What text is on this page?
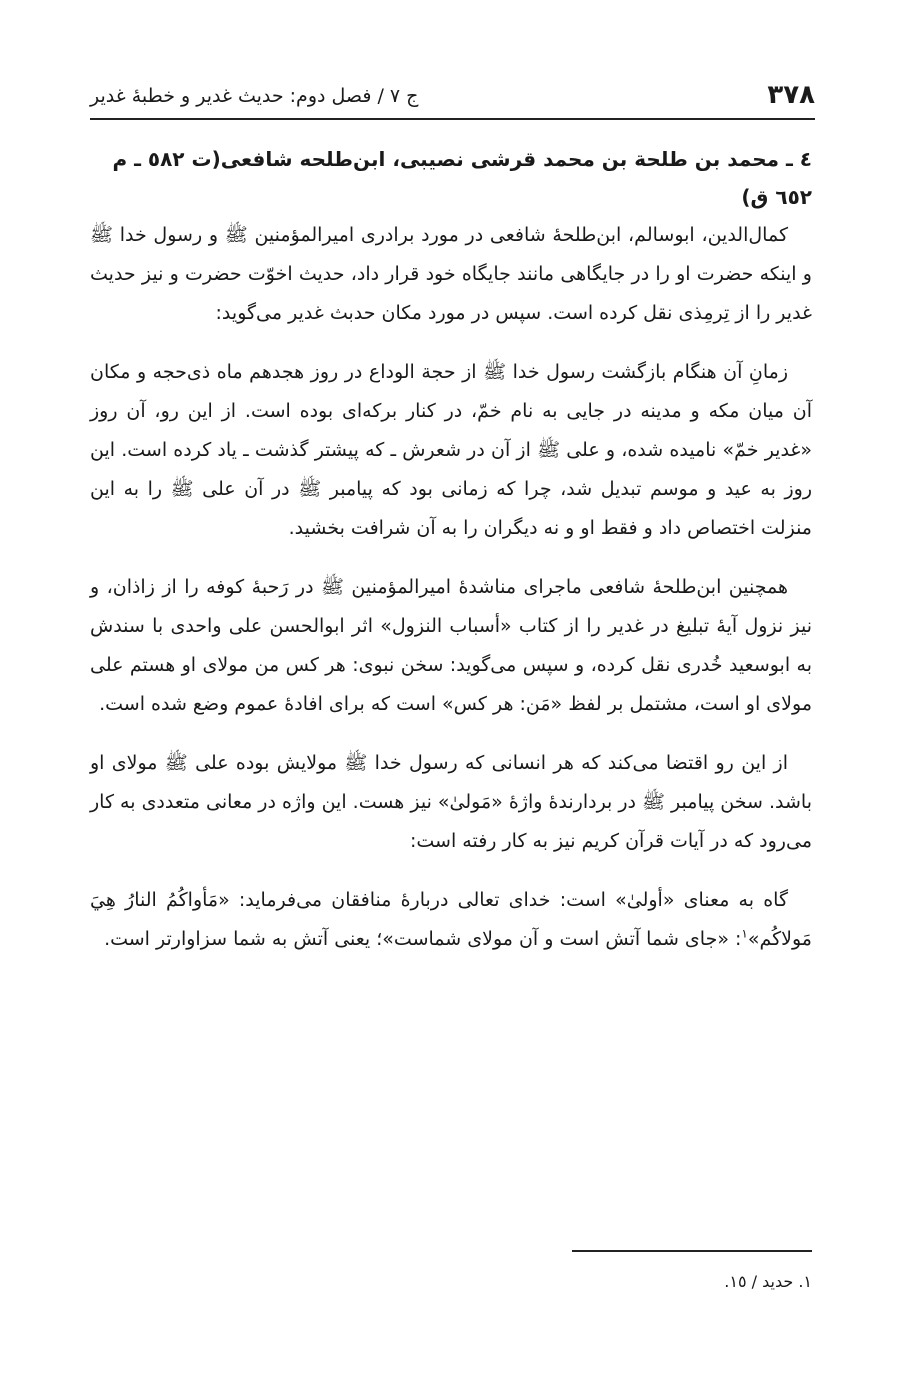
٣٧٨
ج ٧ / فصل دوم: حديث غدير و خطبهٔ غدير
٤ ـ محمد بن طلحة بن محمد قرشی نصيبی، ابن‌طلحه شافعی(ت ٥٨٢ ـ م ٦٥٢ ق)

کمال‌الدين، ابوسالم، ابن‌طلحهٔ شافعی در مورد برادری اميرالمؤمنين ﷺ و رسول خدا ﷺ و اينكه حضرت او را در جايگاهی مانند جايگاه خود قرار داد، حديث اخوّت حضرت و نيز حديث غدير را از تِرمِذی نقل كرده است. سپس در مورد مكان حدبث غدير می‌گويد:

زمانِ آن هنگام بازگشت رسول خدا ﷺ از حجة الوداع در روز هجدهم ماه ذی‌حجه و مكان آن ميان مكه و مدينه در جايی به نام خمّ، در كنار بركه‌ای بوده است. از اين رو، آن روز «غدير خمّ» ناميده شده، و علی ﷺ از آن در شعرش ـ كه پيشتر گذشت ـ ياد كرده است. اين روز به عيد و موسم تبديل شد، چرا كه زمانی بود كه پيامبر ﷺ در آن علی ﷺ را به اين منزلت اختصاص داد و فقط او و نه ديگران را به آن شرافت بخشيد.

همچنين ابن‌طلحهٔ شافعی ماجرای مناشدهٔ اميرالمؤمنين ﷺ در رَحبهٔ كوفه را از زاذان، و نيز نزول آيهٔ تبليغ در غدير را از كتاب «أسباب النزول» اثر ابوالحسن علی واحدی با سندش به ابوسعيد خُدری نقل كرده، و سپس می‌گويد: سخن نبوی: هر كس من مولای او هستم علی مولای او است، مشتمل بر لفظ «مَن: هر كس» است كه برای افادهٔ عموم وضع شده است.

از اين رو اقتضا می‌كند كه هر انسانی كه رسول خدا ﷺ مولايش بوده علی ﷺ مولای او باشد. سخن پيامبر ﷺ در بردارندهٔ واژهٔ «مَولىٰ» نيز هست. اين واژه در معانی متعددی به كار می‌رود كه در آيات قرآن كريم نيز به كار رفته است:

گاه به معنای «أولىٰ» است: خدای تعالی دربارهٔ منافقان می‌فرمايد: «مَأواكُمُ النارُ هِيَ مَولاكُم»$^١$: «جای شما آتش است و آن مولای شماست»؛ يعنی آتش به شما سزاوارتر است.

١. حديد / ١٥.
